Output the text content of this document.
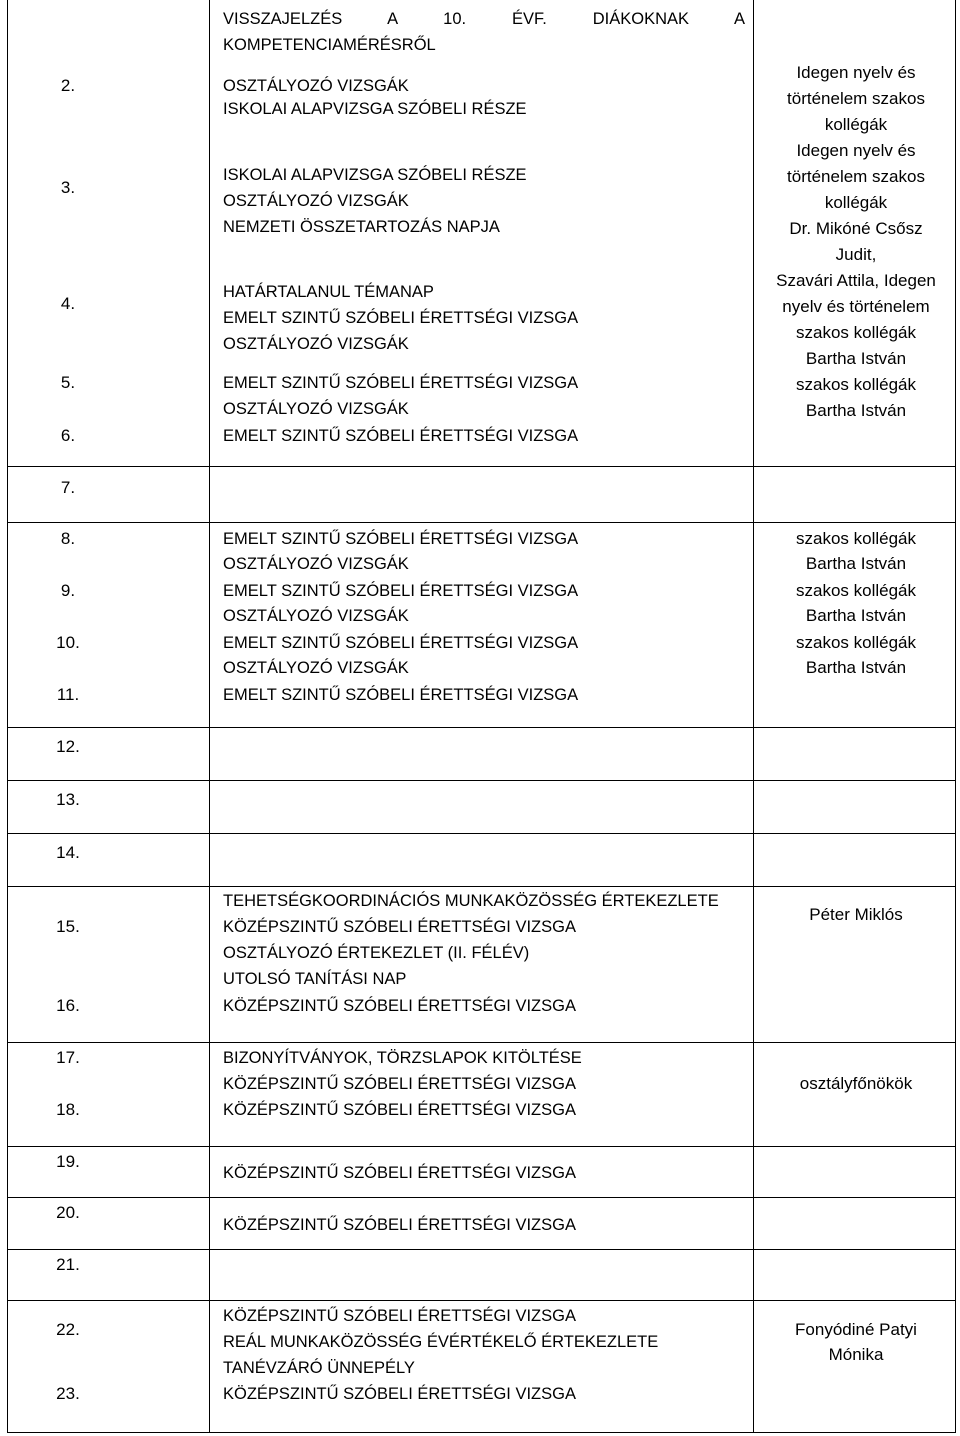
VISSZAJELZÉS A 10. ÉVF. DIÁKOKNAK A
KOMPETENCIAMÉRÉSRŐL
2.
3.
4.
5.
6.
7.
8.
9.
10.
11.
12.
13.
14.
15.
16.
17.
18.
19.
20.
21.
22.
23.
OSZTÁLYOZÓ VIZSGÁK
ISKOLAI ALAPVIZSGA SZÓBELI RÉSZE
ISKOLAI ALAPVIZSGA SZÓBELI RÉSZE
OSZTÁLYOZÓ VIZSGÁK
NEMZETI ÖSSZETARTOZÁS NAPJA
HATÁRTALANUL TÉMANAP
EMELT SZINTŰ SZÓBELI ÉRETTSÉGI VIZSGA
OSZTÁLYOZÓ VIZSGÁK
EMELT SZINTŰ SZÓBELI ÉRETTSÉGI VIZSGA
OSZTÁLYOZÓ VIZSGÁK
EMELT SZINTŰ SZÓBELI ÉRETTSÉGI VIZSGA
EMELT SZINTŰ SZÓBELI ÉRETTSÉGI VIZSGA
OSZTÁLYOZÓ VIZSGÁK
EMELT SZINTŰ SZÓBELI ÉRETTSÉGI VIZSGA
OSZTÁLYOZÓ VIZSGÁK
EMELT SZINTŰ SZÓBELI ÉRETTSÉGI VIZSGA
OSZTÁLYOZÓ VIZSGÁK
EMELT SZINTŰ SZÓBELI ÉRETTSÉGI VIZSGA
TEHETSÉGKOORDINÁCIÓS MUNKAKÖZÖSSÉG ÉRTEKEZLETE
KÖZÉPSZINTŰ SZÓBELI ÉRETTSÉGI VIZSGA
OSZTÁLYOZÓ ÉRTEKEZLET (II. FÉLÉV)
UTOLSÓ TANÍTÁSI NAP
KÖZÉPSZINTŰ SZÓBELI ÉRETTSÉGI VIZSGA
BIZONYÍTVÁNYOK, TÖRZSLAPOK KITÖLTÉSE
KÖZÉPSZINTŰ SZÓBELI ÉRETTSÉGI VIZSGA
KÖZÉPSZINTŰ SZÓBELI ÉRETTSÉGI VIZSGA
KÖZÉPSZINTŰ SZÓBELI ÉRETTSÉGI VIZSGA
KÖZÉPSZINTŰ SZÓBELI ÉRETTSÉGI VIZSGA
KÖZÉPSZINTŰ SZÓBELI ÉRETTSÉGI VIZSGA
REÁL MUNKAKÖZÖSSÉG ÉVÉRTÉKELŐ ÉRTEKEZLETE
TANÉVZÁRÓ ÜNNEPÉLY
KÖZÉPSZINTŰ SZÓBELI ÉRETTSÉGI VIZSGA
Idegen nyelv és
történelem szakos
kollégák
Idegen nyelv és
történelem szakos
kollégák
Dr. Mikóné Csősz
Judit,
Szavári Attila, Idegen
nyelv és történelem
szakos kollégák
Bartha István
szakos kollégák
Bartha István
szakos kollégák
Bartha István
szakos kollégák
Bartha István
szakos kollégák
Bartha István
Péter Miklós
osztályfőnökök
Fonyódiné Patyi
Mónika
